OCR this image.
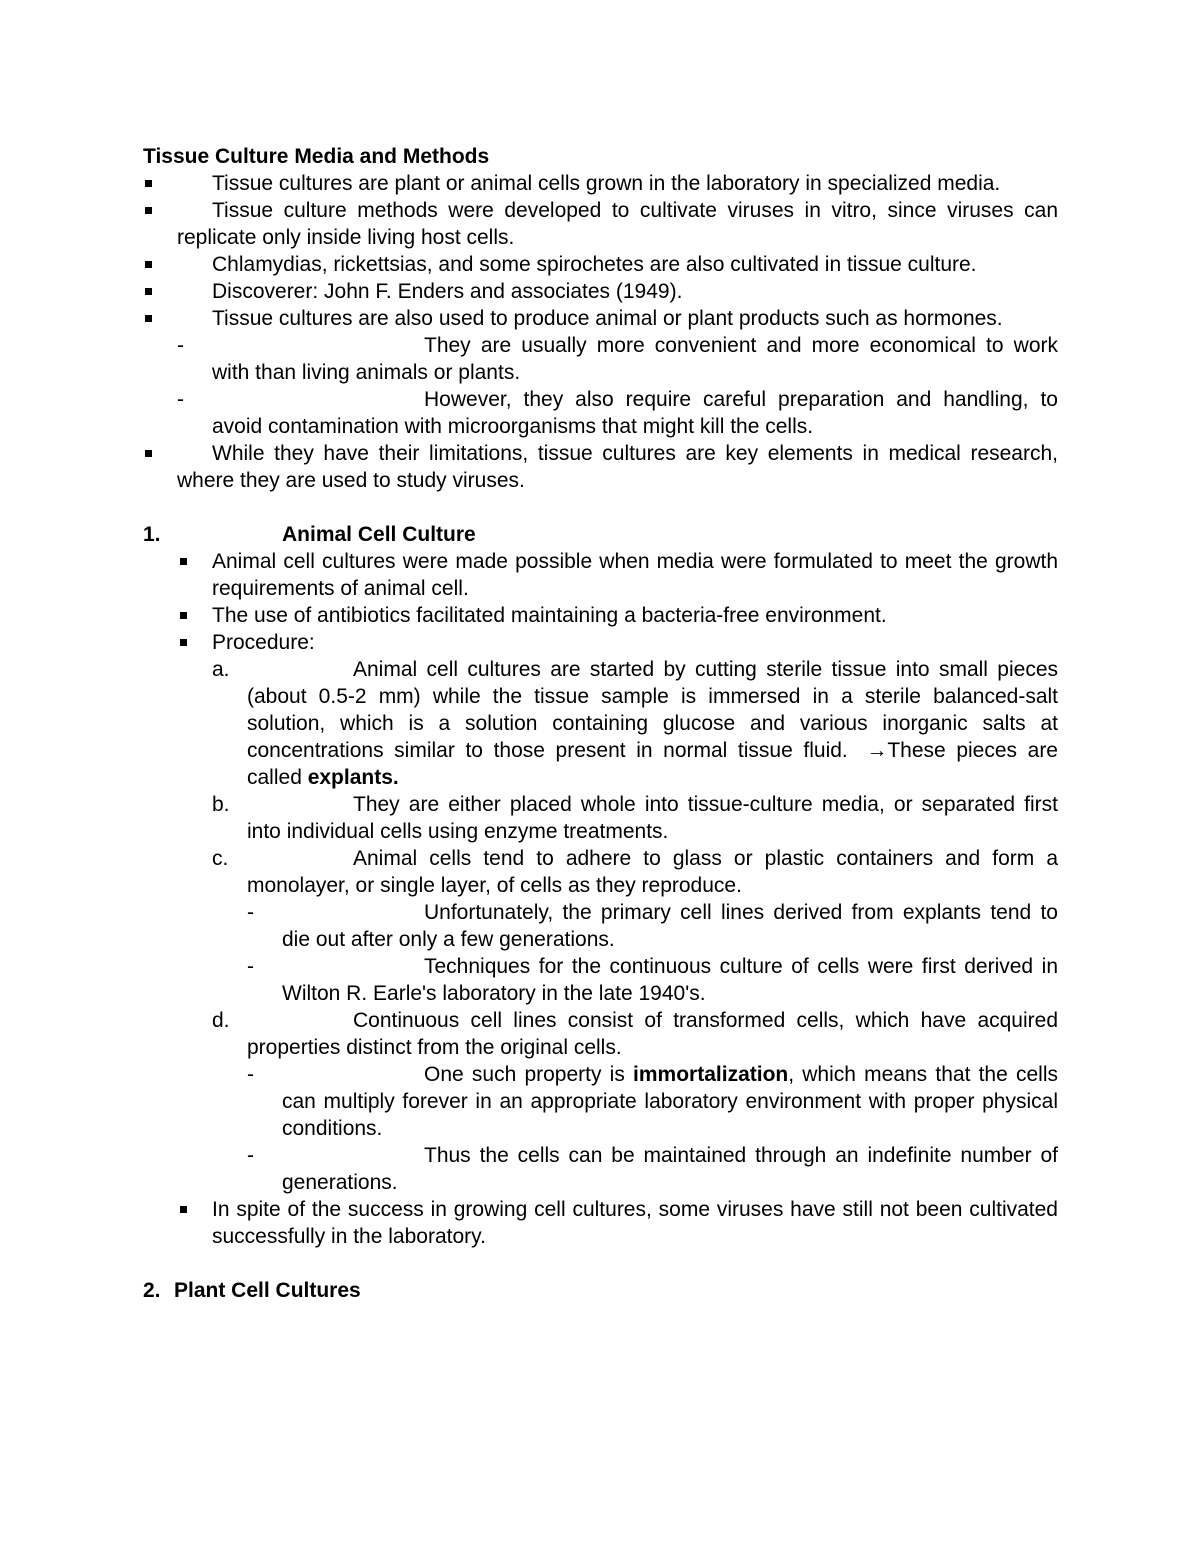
Tissue Culture Media and Methods

Tissue cultures are plant or animal cells grown in the laboratory in specialized media.
Tissue culture methods were developed to cultivate viruses in vitro, since viruses can replicate only inside living host cells.
Chlamydias, rickettsias, and some spirochetes are also cultivated in tissue culture.
Discoverer: John F. Enders and associates (1949).
Tissue cultures are also used to produce animal or plant products such as hormones.
-	They are usually more convenient and more economical to work with than living animals or plants.
-	However, they also require careful preparation and handling, to avoid contamination with microorganisms that might kill the cells.
While they have their limitations, tissue cultures are key elements in medical research, where they are used to study viruses.
1.	Animal Cell Culture
Animal cell cultures were made possible when media were formulated to meet the growth requirements of animal cell.
The use of antibiotics facilitated maintaining a bacteria-free environment.
Procedure:
a.	Animal cell cultures are started by cutting sterile tissue into small pieces (about 0.5-2 mm) while the tissue sample is immersed in a sterile balanced-salt solution, which is a solution containing glucose and various inorganic salts at concentrations similar to those present in normal tissue fluid. →These pieces are called explants.
b.	They are either placed whole into tissue-culture media, or separated first into individual cells using enzyme treatments.
c.	Animal cells tend to adhere to glass or plastic containers and form a monolayer, or single layer, of cells as they reproduce.
-	Unfortunately, the primary cell lines derived from explants tend to die out after only a few generations.
-	Techniques for the continuous culture of cells were first derived in Wilton R. Earle's laboratory in the late 1940's.
d.	Continuous cell lines consist of transformed cells, which have acquired properties distinct from the original cells.
-	One such property is immortalization, which means that the cells can multiply forever in an appropriate laboratory environment with proper physical conditions.
-	Thus the cells can be maintained through an indefinite number of generations.
In spite of the success in growing cell cultures, some viruses have still not been cultivated successfully in the laboratory.
2. Plant Cell Cultures
